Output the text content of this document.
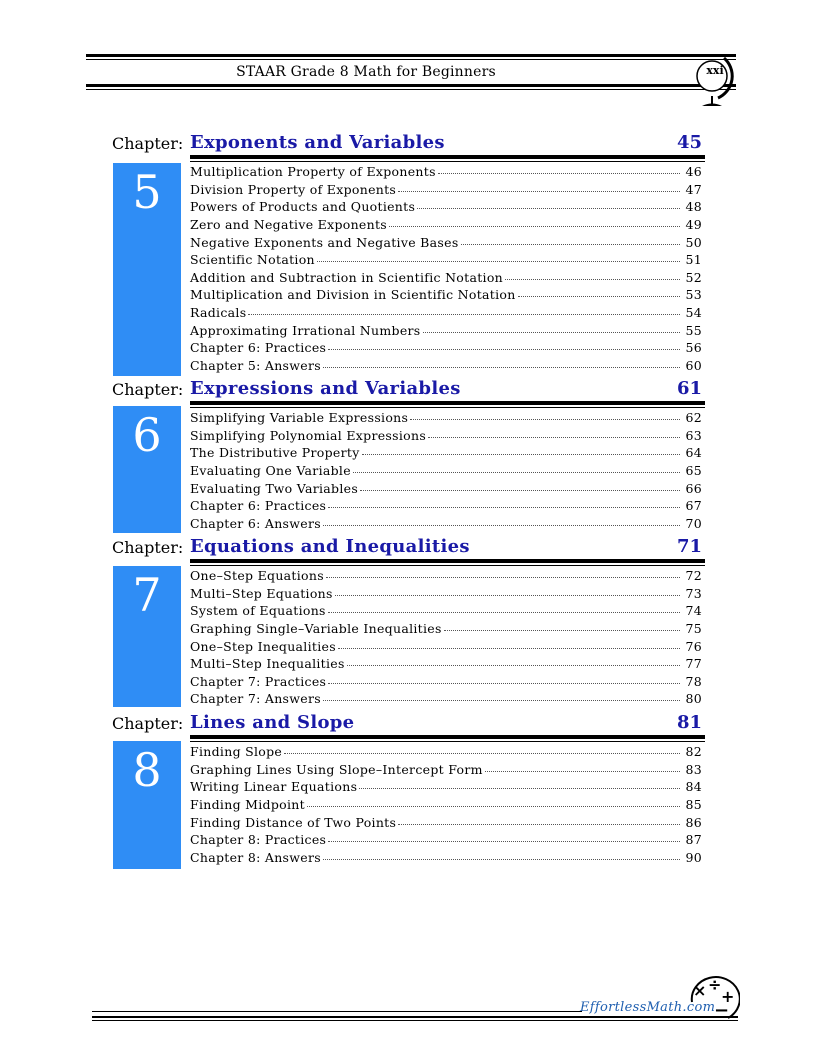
STAAR Grade 8 Math for Beginners	xxi
Chapter: Exponents and Variables	45
5	Multiplication Property of Exponents	46
Division Property of Exponents	47
Powers of Products and Quotients	48
Zero and Negative Exponents	49
Negative Exponents and Negative Bases	50
Scientific Notation	51
Addition and Subtraction in Scientific Notation	52
Multiplication and Division in Scientific Notation	53
Radicals	54
Approximating Irrational Numbers	55
Chapter 6: Practices	56
Chapter 5: Answers	60
Chapter: Expressions and Variables	61
6	Simplifying Variable Expressions	62
Simplifying Polynomial Expressions	63
The Distributive Property	64
Evaluating One Variable	65
Evaluating Two Variables	66
Chapter 6: Practices	67
Chapter 6: Answers	70
Chapter: Equations and Inequalities	71
7	One–Step Equations	72
Multi–Step Equations	73
System of Equations	74
Graphing Single–Variable Inequalities	75
One–Step Inequalities	76
Multi–Step Inequalities	77
Chapter 7: Practices	78
Chapter 7: Answers	80
Chapter: Lines and Slope	81
8	Finding Slope	82
Graphing Lines Using Slope–Intercept Form	83
Writing Linear Equations	84
Finding Midpoint	85
Finding Distance of Two Points	86
Chapter 8: Practices	87
Chapter 8: Answers	90
EffortlessMath.com
× ÷
+
−
